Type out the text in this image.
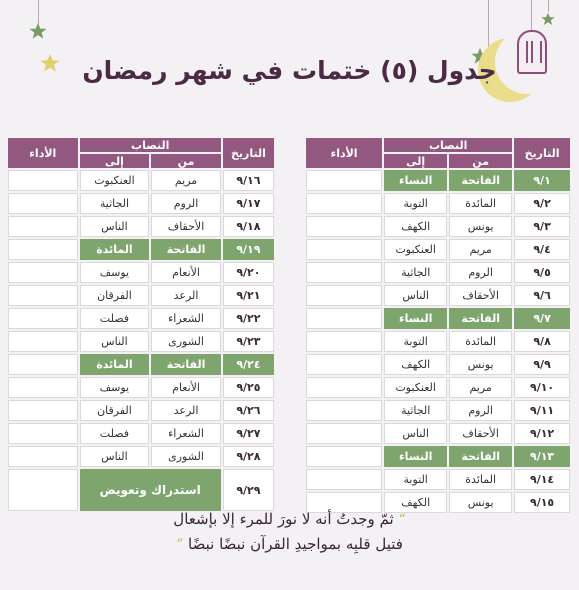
جدول (٥) ختمات في شهر رمضان
التاريخ	النصاب		الأداء
	من	إلى	
٩/١	الفاتحة	النساء	
٩/٢	المائدة	التوبة	
٩/٣	يونس	الكهف	
٩/٤	مريم	العنكبوت	
٩/٥	الروم	الجاثية	
٩/٦	الأحقاف	الناس	
٩/٧	الفاتحة	النساء	
٩/٨	المائدة	التوبة	
٩/٩	يونس	الكهف	
٩/١٠	مريم	العنكبوت	
٩/١١	الروم	الجاثية	
٩/١٢	الأحقاف	الناس	
٩/١٣	الفاتحة	النساء	
٩/١٤	المائدة	التوبة	
٩/١٥	يونس	الكهف	
التاريخ	النصاب		الأداء
	من	إلى	
٩/١٦	مريم	العنكبوت	
٩/١٧	الروم	الجاثية	
٩/١٨	الأحقاف	الناس	
٩/١٩	الفاتحة	المائدة	
٩/٢٠	الأنعام	يوسف	
٩/٢١	الرعد	الفرقان	
٩/٢٢	الشعراء	فصلت	
٩/٢٣	الشورى	الناس	
٩/٢٤	الفاتحة	المائدة	
٩/٢٥	الأنعام	يوسف	
٩/٢٦	الرعد	الفرقان	
٩/٢٧	الشعراء	فصلت	
٩/٢٨	الشورى	الناس	
٩/٢٩	استدراك وتعويض		
“ ثمّ وجدتُ أنه لا نورَ للمرء إلا بإشعال
فتيل قلبِه بمواجيدِ القرآن نبضًا نبضًا ”
